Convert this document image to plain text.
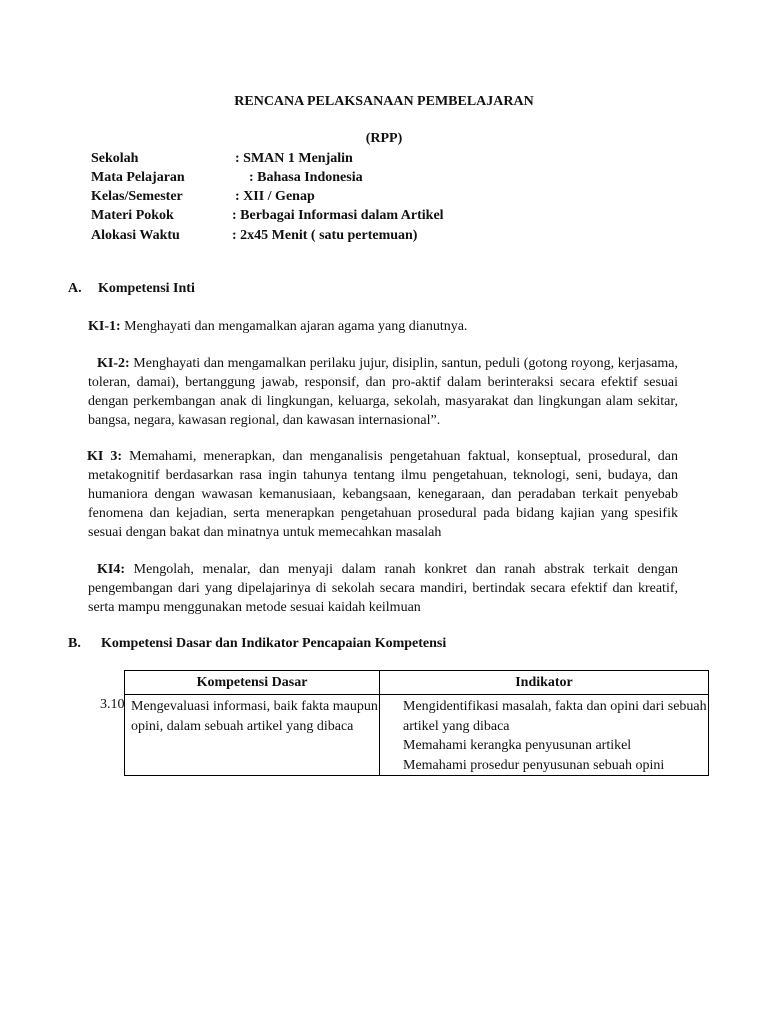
RENCANA PELAKSANAAN PEMBELAJARAN
(RPP)
Sekolah	: SMAN 1 Menjalin
Mata Pelajaran	: Bahasa Indonesia
Kelas/Semester	: XII / Genap
Materi Pokok	: Berbagai Informasi dalam Artikel
Alokasi Waktu	: 2x45 Menit ( satu pertemuan)
A. Kompetensi Inti
KI-1: Menghayati dan mengamalkan ajaran agama yang dianutnya.
KI-2: Menghayati dan mengamalkan perilaku jujur, disiplin, santun, peduli (gotong royong, kerjasama, toleran, damai), bertanggung jawab, responsif, dan pro-aktif dalam berinteraksi secara efektif sesuai dengan perkembangan anak di lingkungan, keluarga, sekolah, masyarakat dan lingkungan alam sekitar, bangsa, negara, kawasan regional, dan kawasan internasional”.
KI 3: Memahami, menerapkan, dan menganalisis pengetahuan faktual, konseptual, prosedural, dan metakognitif berdasarkan rasa ingin tahunya tentang ilmu pengetahuan, teknologi, seni, budaya, dan humaniora dengan wawasan kemanusiaan, kebangsaan, kenegaraan, dan peradaban terkait penyebab fenomena dan kejadian, serta menerapkan pengetahuan prosedural pada bidang kajian yang spesifik sesuai dengan bakat dan minatnya untuk memecahkan masalah
KI4: Mengolah, menalar, dan menyaji dalam ranah konkret dan ranah abstrak terkait dengan pengembangan dari yang dipelajarinya di sekolah secara mandiri, bertindak secara efektif dan kreatif, serta mampu menggunakan metode sesuai kaidah keilmuan
B. Kompetensi Dasar dan Indikator Pencapaian Kompetensi
3.10
Kompetensi Dasar	Indikator

Mengevaluasi informasi, baik fakta maupun opini, dalam sebuah artikel yang dibaca	Mengidentifikasi masalah, fakta dan opini dari sebuah artikel yang dibaca
Memahami kerangka penyusunan artikel
Memahami prosedur penyusunan sebuah opini
